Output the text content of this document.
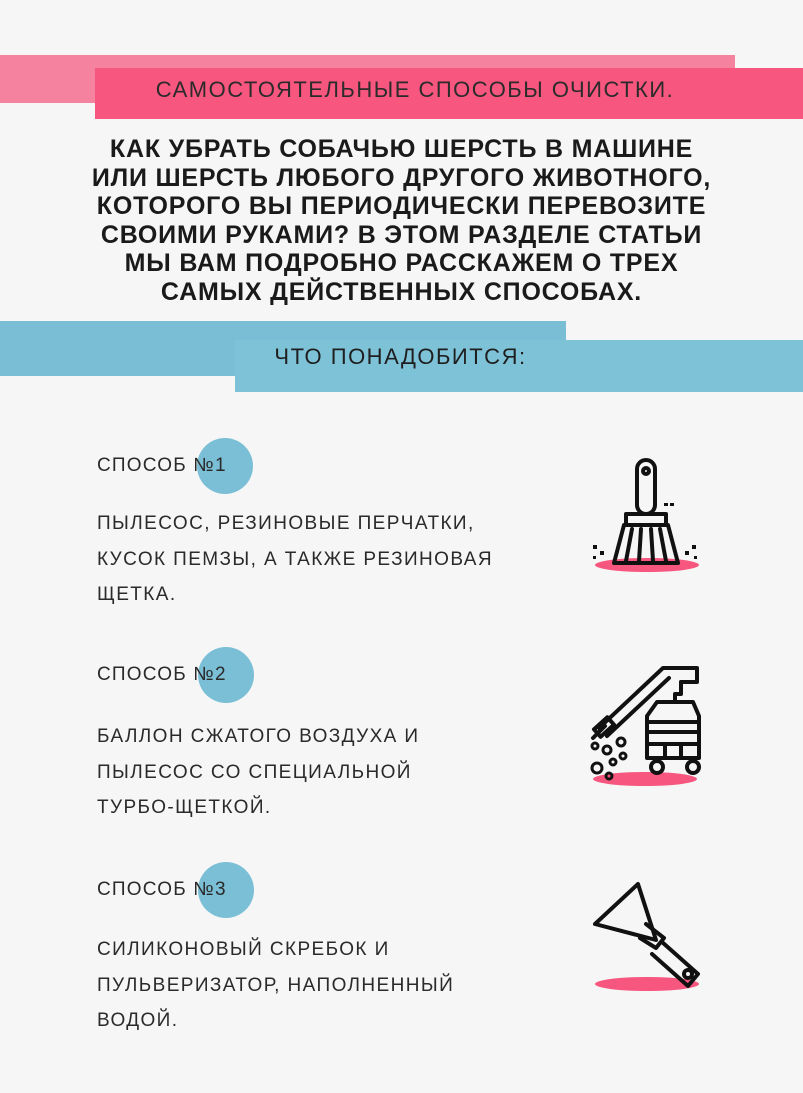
САМОСТОЯТЕЛЬНЫЕ СПОСОБЫ ОЧИСТКИ.
КАК УБРАТЬ СОБАЧЬЮ ШЕРСТЬ В МАШИНЕ
ИЛИ ШЕРСТЬ ЛЮБОГО ДРУГОГО ЖИВОТНОГО,
КОТОРОГО ВЫ ПЕРИОДИЧЕСКИ ПЕРЕВОЗИТЕ
СВОИМИ РУКАМИ? В ЭТОМ РАЗДЕЛЕ СТАТЬИ
МЫ ВАМ ПОДРОБНО РАССКАЖЕМ О ТРЕХ
САМЫХ ДЕЙСТВЕННЫХ СПОСОБАХ.
ЧТО ПОНАДОБИТСЯ:
СПОСОБ №1
ПЫЛЕСОС, РЕЗИНОВЫЕ ПЕРЧАТКИ,
КУСОК ПЕМЗЫ, А ТАКЖЕ РЕЗИНОВАЯ
ЩЕТКА.
СПОСОБ №2
БАЛЛОН СЖАТОГО ВОЗДУХА И
ПЫЛЕСОС СО СПЕЦИАЛЬНОЙ
ТУРБО-ЩЕТКОЙ.
СПОСОБ №3
СИЛИКОНОВЫЙ СКРЕБОК И
ПУЛЬВЕРИЗАТОР, НАПОЛНЕННЫЙ
ВОДОЙ.
